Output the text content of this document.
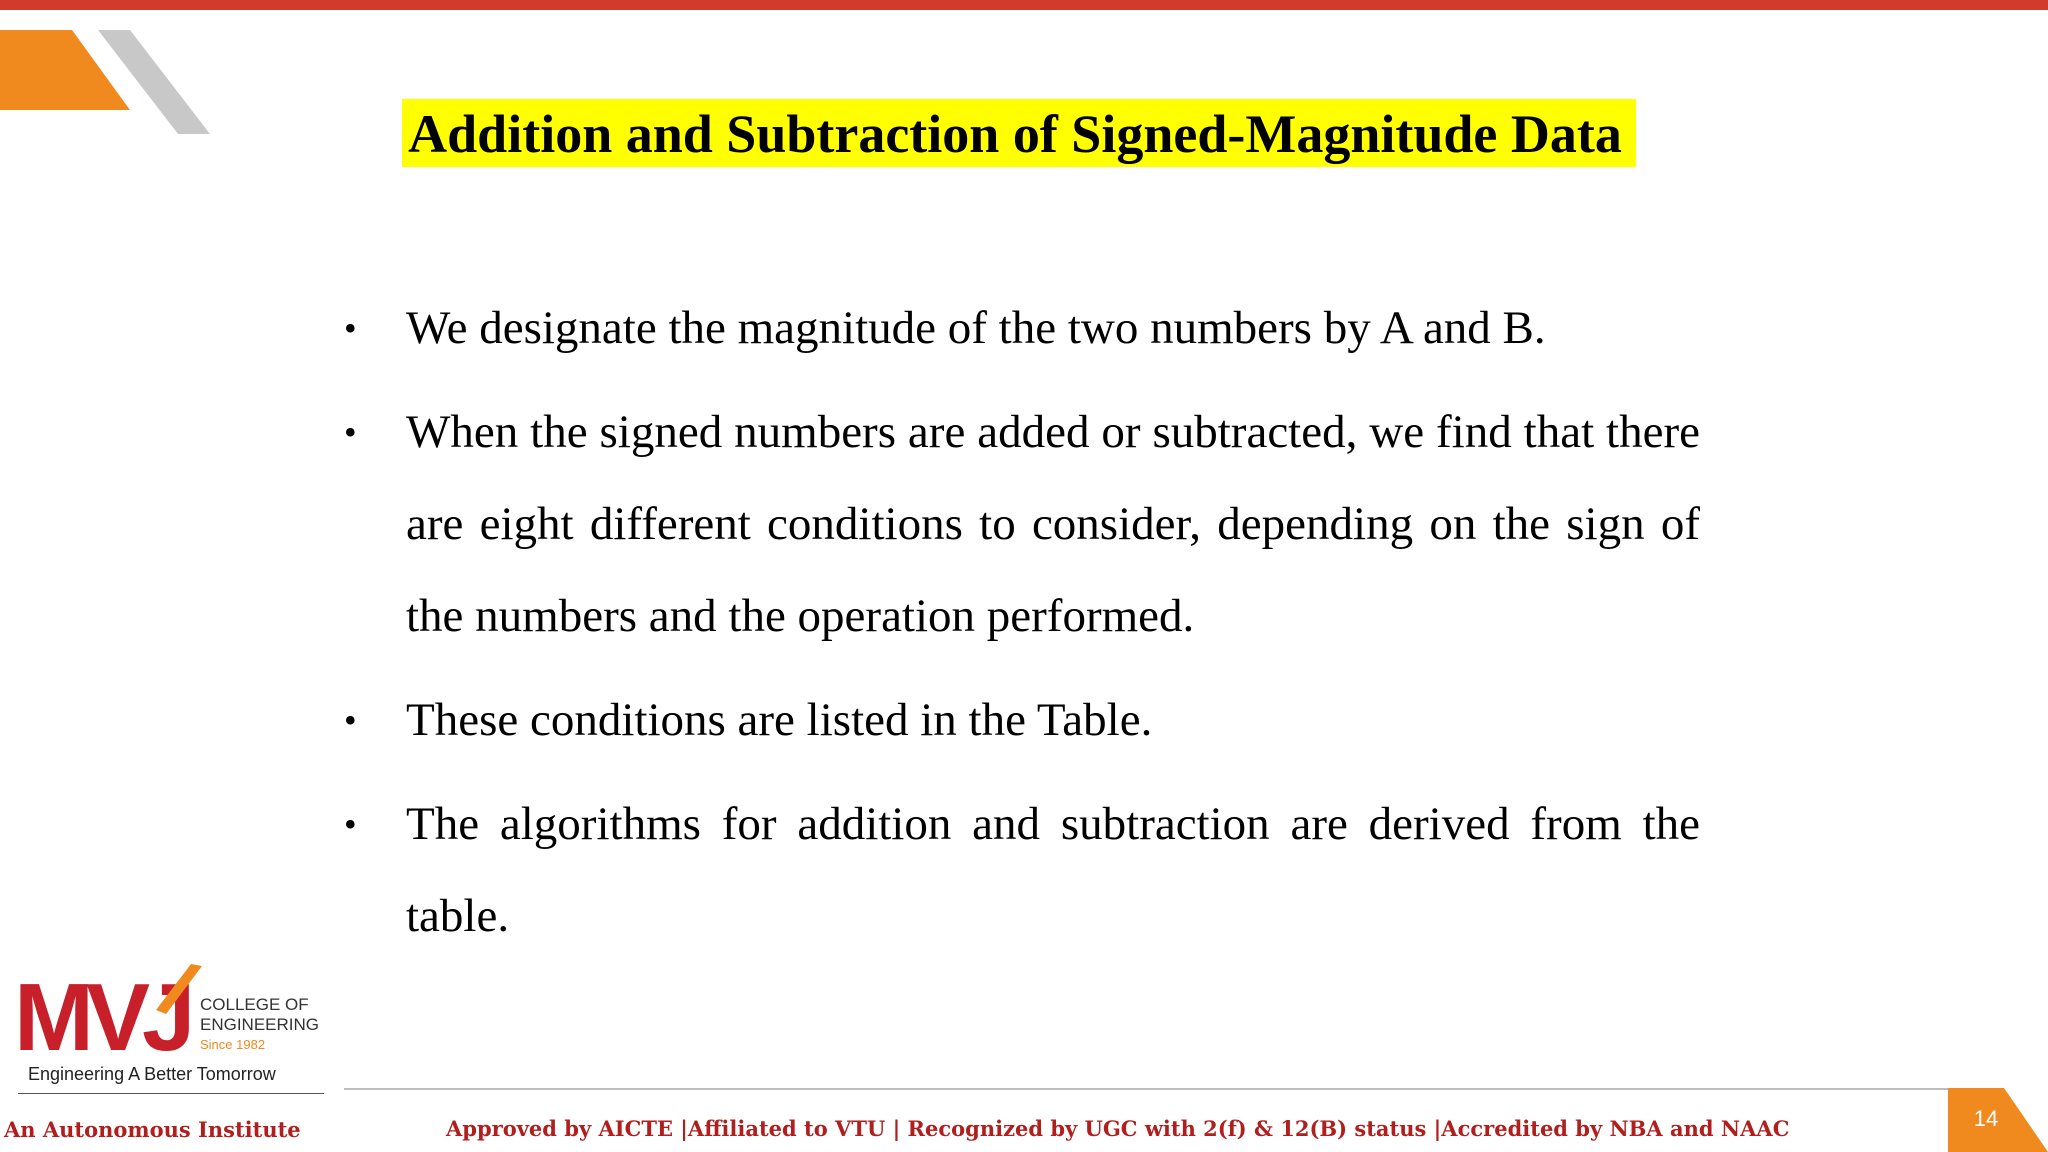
Addition and Subtraction of Signed-Magnitude Data
•	We designate the magnitude of the two numbers by A and B.
•	When the signed numbers are added or subtracted, we find that there are eight different conditions to consider, depending on the sign of the numbers and the operation performed.
•	These conditions are listed in the Table.
•	The algorithms for addition and subtraction are derived from the table.
MVJ COLLEGE OF
ENGINEERING
Since 1982
Engineering A Better Tomorrow
An Autonomous Institute	Approved by AICTE |Affiliated to VTU | Recognized by UGC with 2(f) & 12(B) status |Accredited by NBA and NAAC	14
